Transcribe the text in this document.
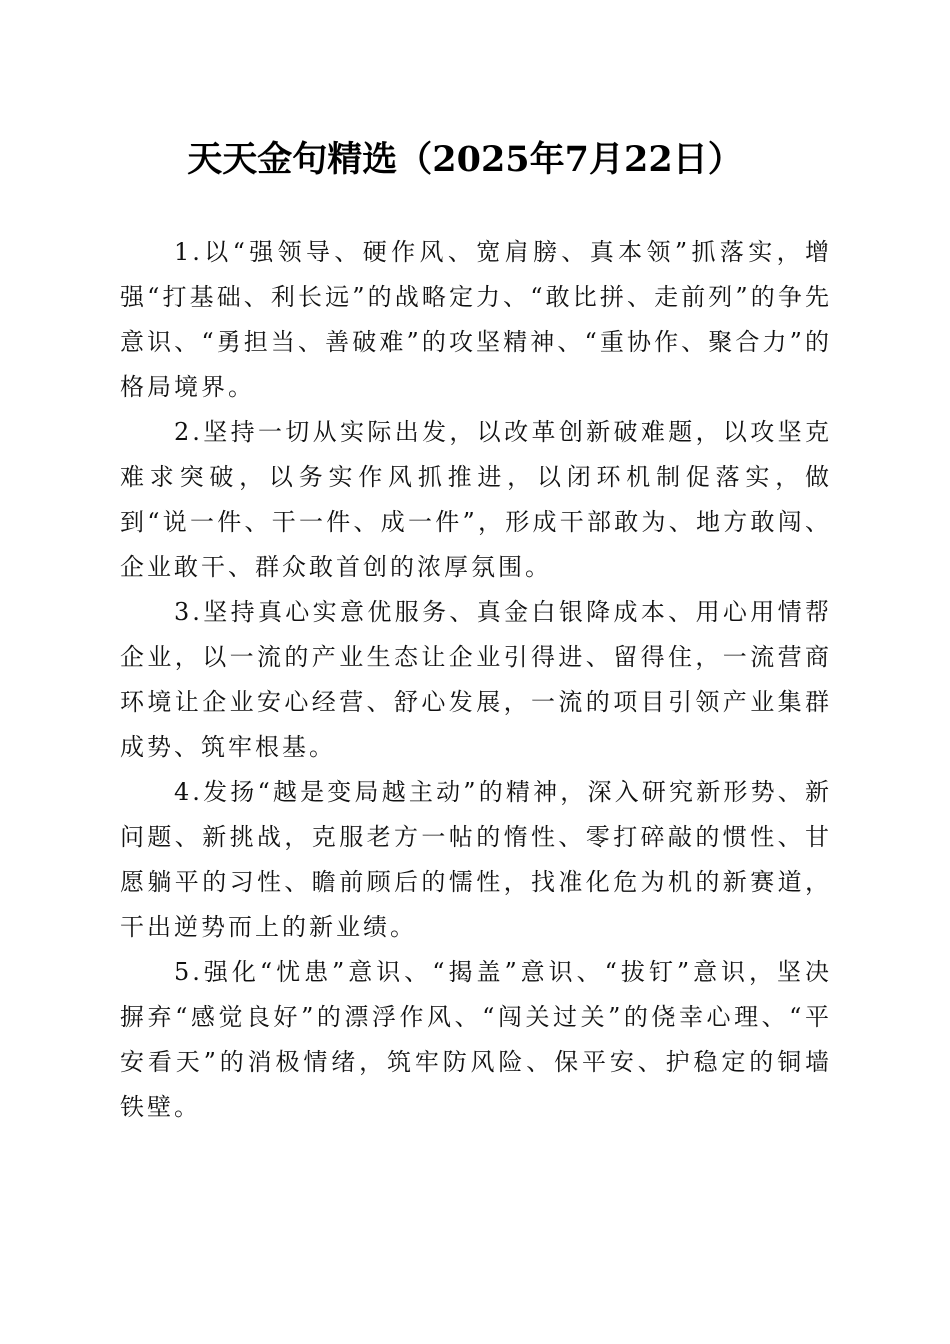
天天金句精选（2025年7月22日）

1.以“强领导、硬作风、宽肩膀、真本领”抓落实，增强“打基础、利长远”的战略定力、“敢比拼、走前列”的争先意识、“勇担当、善破难”的攻坚精神、“重协作、聚合力”的格局境界。

2.坚持一切从实际出发，以改革创新破难题，以攻坚克难求突破，以务实作风抓推进，以闭环机制促落实，做到“说一件、干一件、成一件”，形成干部敢为、地方敢闯、企业敢干、群众敢首创的浓厚氛围。

3.坚持真心实意优服务、真金白银降成本、用心用情帮企业，以一流的产业生态让企业引得进、留得住，一流营商环境让企业安心经营、舒心发展，一流的项目引领产业集群成势、筑牢根基。

4.发扬“越是变局越主动”的精神，深入研究新形势、新问题、新挑战，克服老方一帖的惰性、零打碎敲的惯性、甘愿躺平的习性、瞻前顾后的懦性，找准化危为机的新赛道，干出逆势而上的新业绩。

5.强化“忧患”意识、“揭盖”意识、“拔钉”意识，坚决摒弃“感觉良好”的漂浮作风、“闯关过关”的侥幸心理、“平安看天”的消极情绪，筑牢防风险、保平安、护稳定的铜墙铁壁。
